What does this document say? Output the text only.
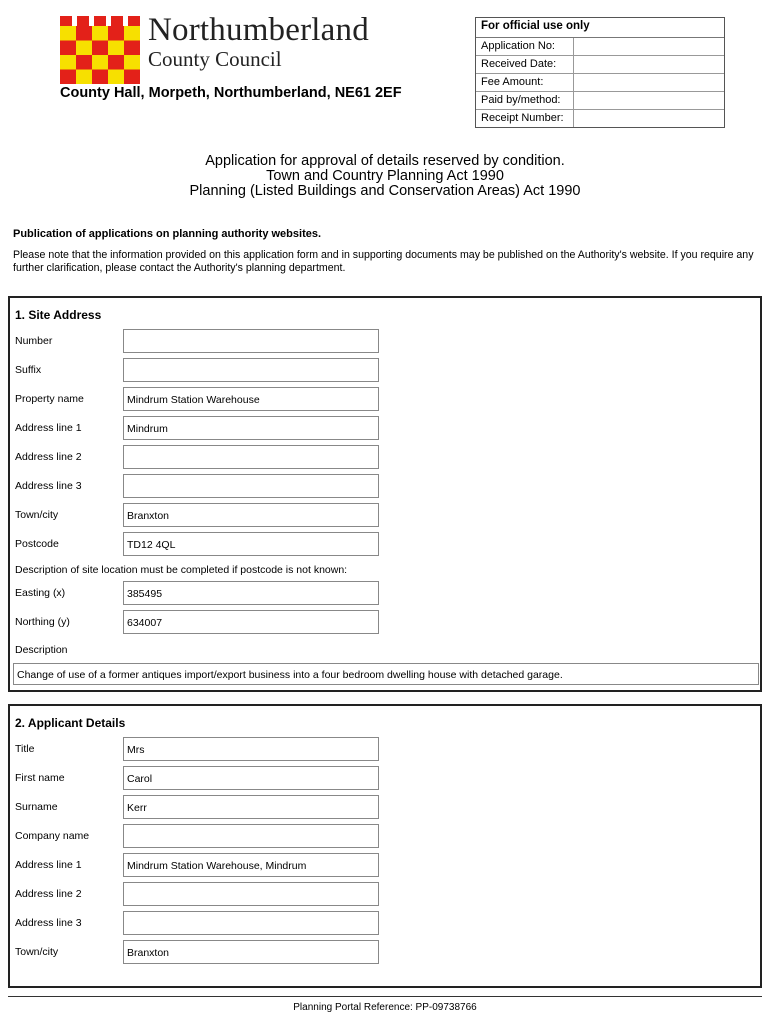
Northumberland
County Council
County Hall, Morpeth, Northumberland, NE61 2EF
For official use only
Application No:
Received Date:
Fee Amount:
Paid by/method:
Receipt Number:
Application for approval of details reserved by condition.
Town and Country Planning Act 1990
Planning (Listed Buildings and Conservation Areas) Act 1990
Publication of applications on planning authority websites.
Please note that the information provided on this application form and in supporting documents may be published on the Authority's website. If you require any further clarification, please contact the Authority's planning department.
1. Site Address
Number
Suffix
Property name	Mindrum Station Warehouse
Address line 1	Mindrum
Address line 2
Address line 3
Town/city	Branxton
Postcode	TD12 4QL
Description of site location must be completed if postcode is not known:
Easting (x)	385495
Northing (y)	634007
Description
Change of use of a former antiques import/export business into a four bedroom dwelling house with detached garage.
2. Applicant Details
Title	Mrs
First name	Carol
Surname	Kerr
Company name
Address line 1	Mindrum Station Warehouse, Mindrum
Address line 2
Address line 3
Town/city	Branxton
Planning Portal Reference: PP-09738766
